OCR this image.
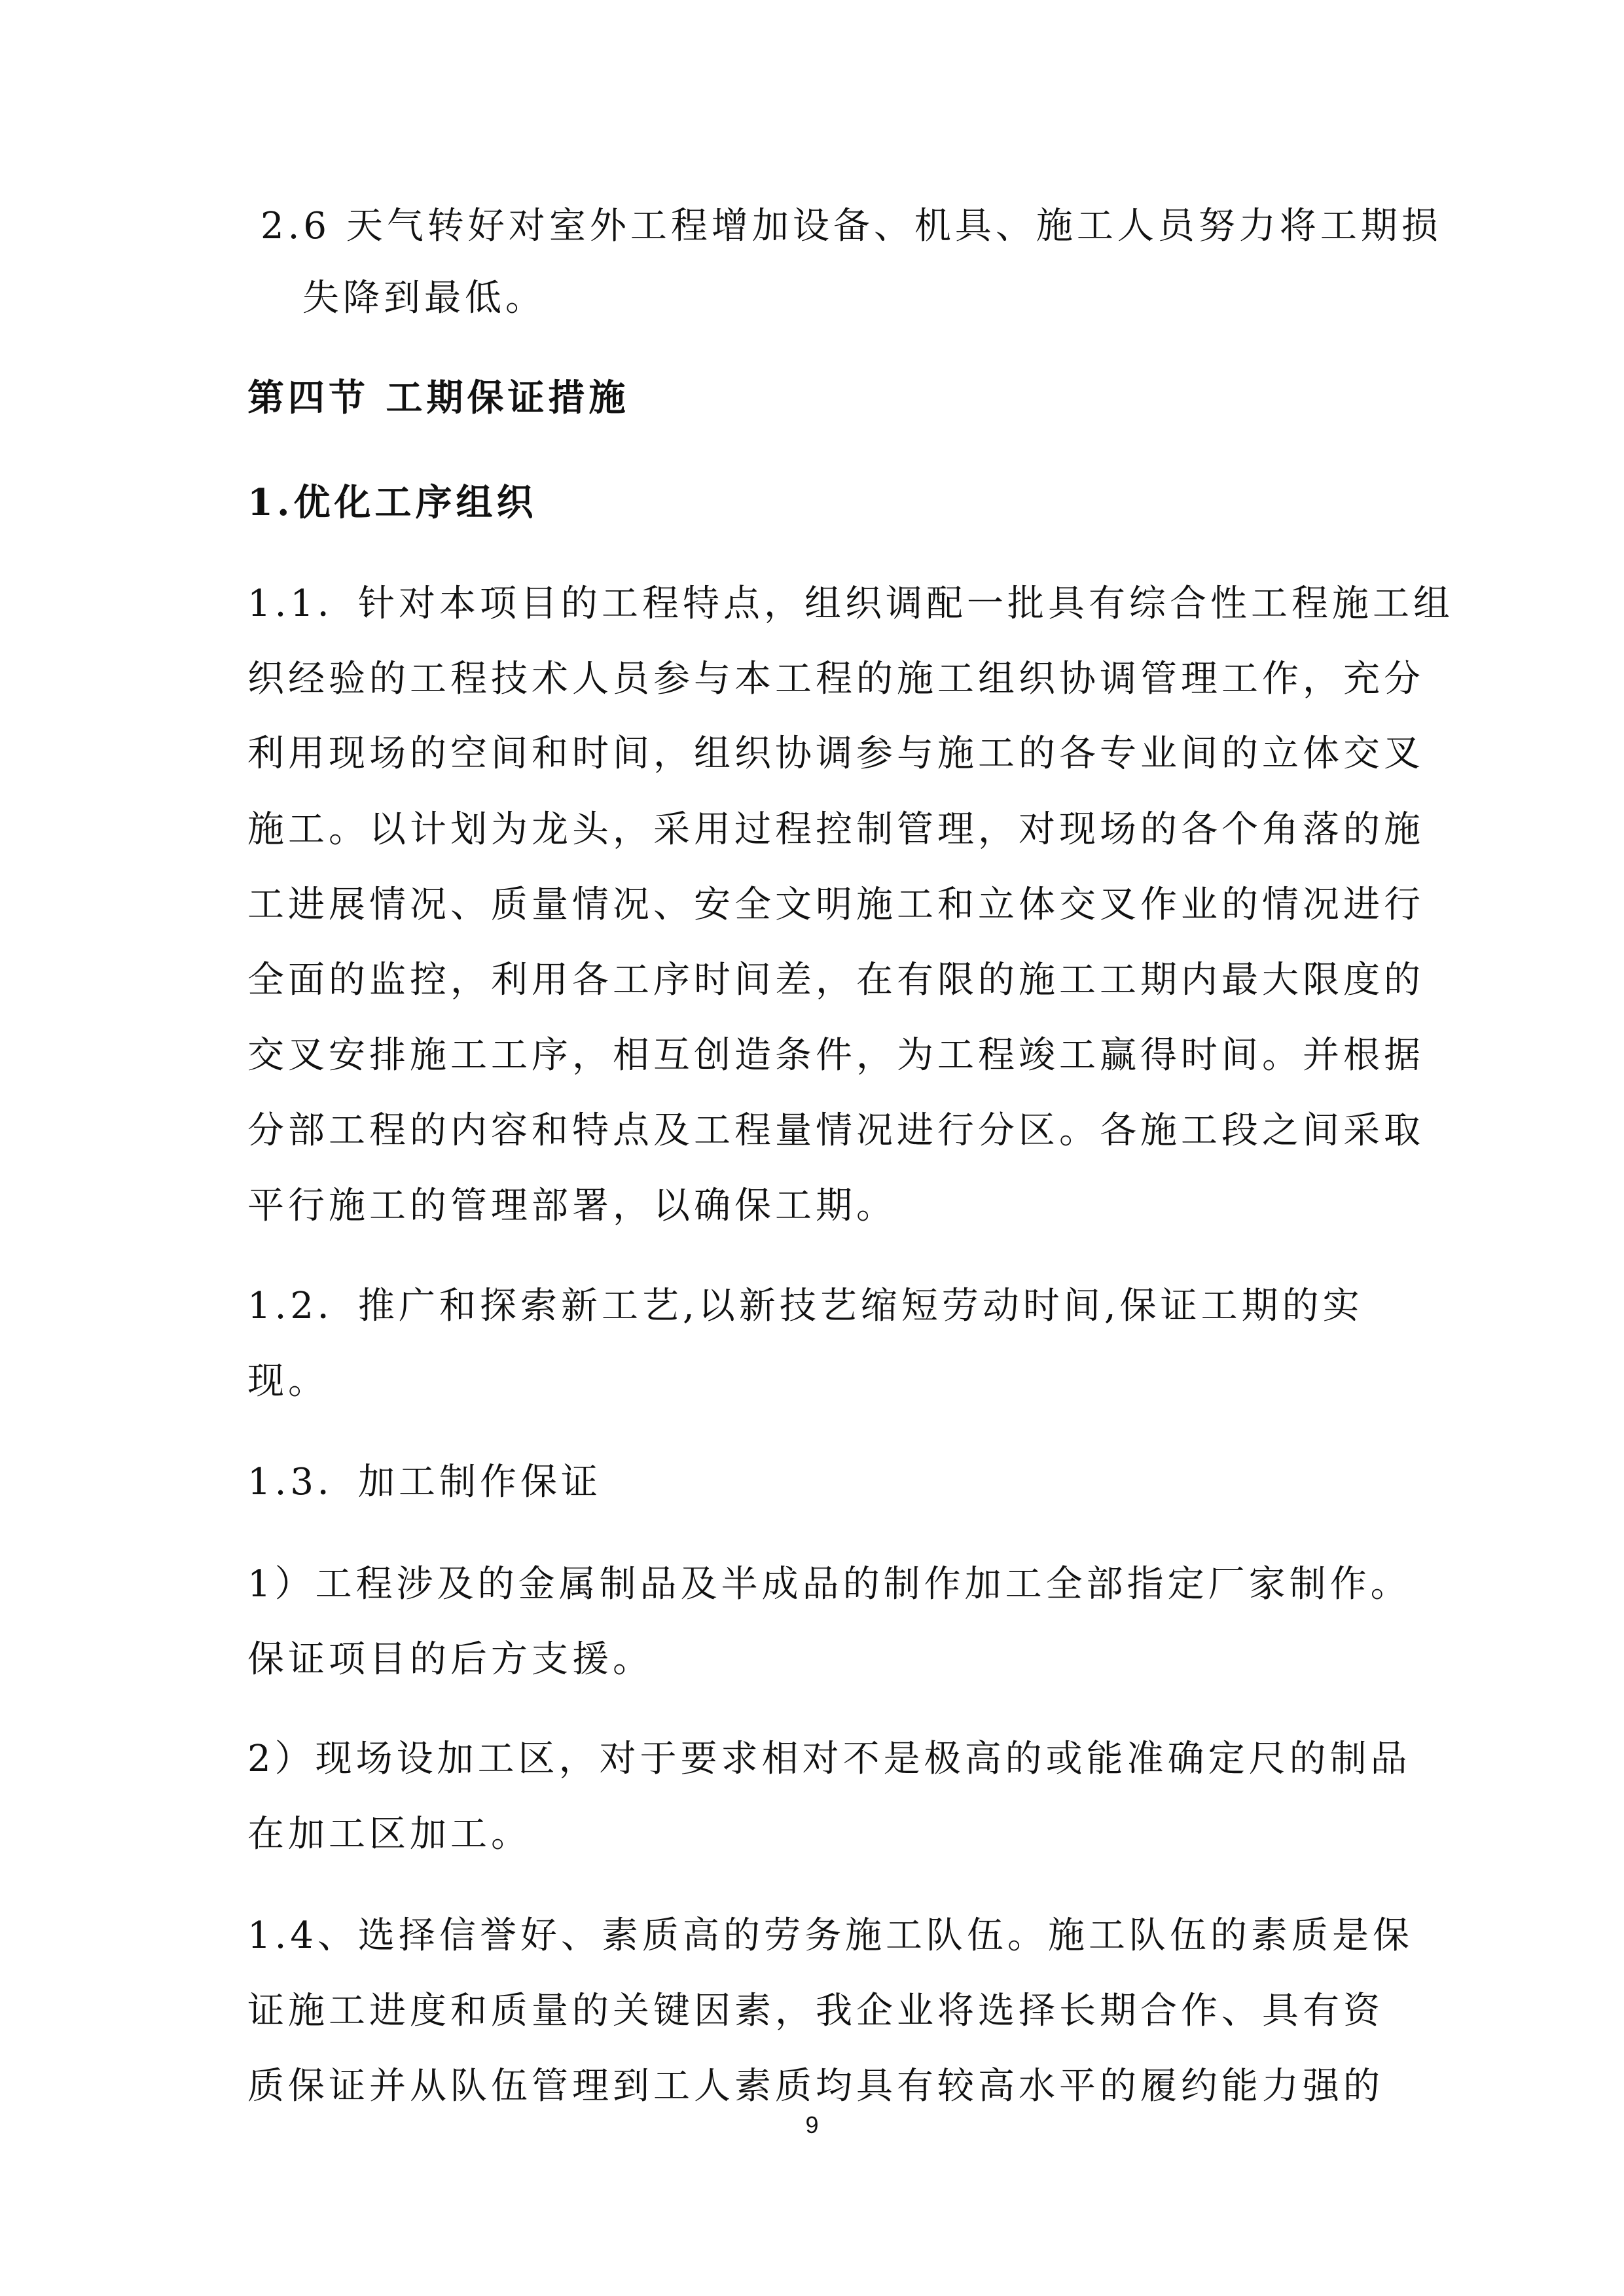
2.6 天气转好对室外工程增加设备、机具、施工人员努力将工期损
失降到最低。
第四节 工期保证措施
1.优化工序组织
1.1．针对本项目的工程特点，组织调配一批具有综合性工程施工组
织经验的工程技术人员参与本工程的施工组织协调管理工作，充分
利用现场的空间和时间，组织协调参与施工的各专业间的立体交叉
施工。以计划为龙头，采用过程控制管理，对现场的各个角落的施
工进展情况、质量情况、安全文明施工和立体交叉作业的情况进行
全面的监控，利用各工序时间差，在有限的施工工期内最大限度的
交叉安排施工工序，相互创造条件，为工程竣工赢得时间。并根据
分部工程的内容和特点及工程量情况进行分区。各施工段之间采取
平行施工的管理部署，以确保工期。
1.2．推广和探索新工艺,以新技艺缩短劳动时间,保证工期的实
现。
1.3．加工制作保证
1）工程涉及的金属制品及半成品的制作加工全部指定厂家制作。
保证项目的后方支援。
2）现场设加工区，对于要求相对不是极高的或能准确定尺的制品
在加工区加工。
1.4、选择信誉好、素质高的劳务施工队伍。施工队伍的素质是保
证施工进度和质量的关键因素，我企业将选择长期合作、具有资
质保证并从队伍管理到工人素质均具有较高水平的履约能力强的
9
